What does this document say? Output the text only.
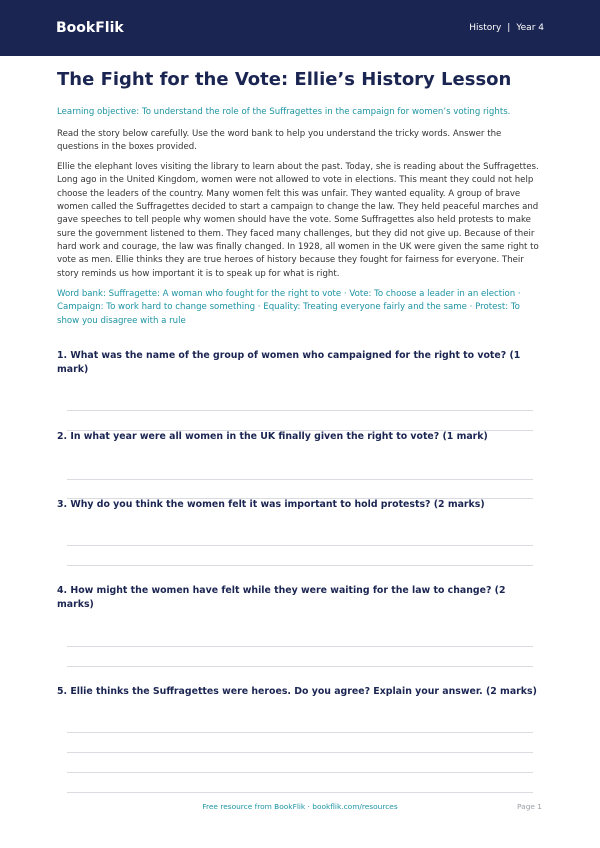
BookFlik	History | Year 4
The Fight for the Vote: Ellie’s History Lesson
Learning objective: To understand the role of the Suffragettes in the campaign for women’s voting rights.
Read the story below carefully. Use the word bank to help you understand the tricky words. Answer the questions in the boxes provided.
Ellie the elephant loves visiting the library to learn about the past. Today, she is reading about the Suffragettes. Long ago in the United Kingdom, women were not allowed to vote in elections. This meant they could not help choose the leaders of the country. Many women felt this was unfair. They wanted equality. A group of brave women called the Suffragettes decided to start a campaign to change the law. They held peaceful marches and gave speeches to tell people why women should have the vote. Some Suffragettes also held protests to make sure the government listened to them. They faced many challenges, but they did not give up. Because of their hard work and courage, the law was finally changed. In 1928, all women in the UK were given the same right to vote as men. Ellie thinks they are true heroes of history because they fought for fairness for everyone. Their story reminds us how important it is to speak up for what is right.
Word bank: Suffragette: A woman who fought for the right to vote · Vote: To choose a leader in an election · Campaign: To work hard to change something · Equality: Treating everyone fairly and the same · Protest: To show you disagree with a rule
1. What was the name of the group of women who campaigned for the right to vote? (1 mark)
2. In what year were all women in the UK finally given the right to vote? (1 mark)
3. Why do you think the women felt it was important to hold protests? (2 marks)
4. How might the women have felt while they were waiting for the law to change? (2 marks)
5. Ellie thinks the Suffragettes were heroes. Do you agree? Explain your answer. (2 marks)
Free resource from BookFlik · bookflik.com/resources	Page 1
